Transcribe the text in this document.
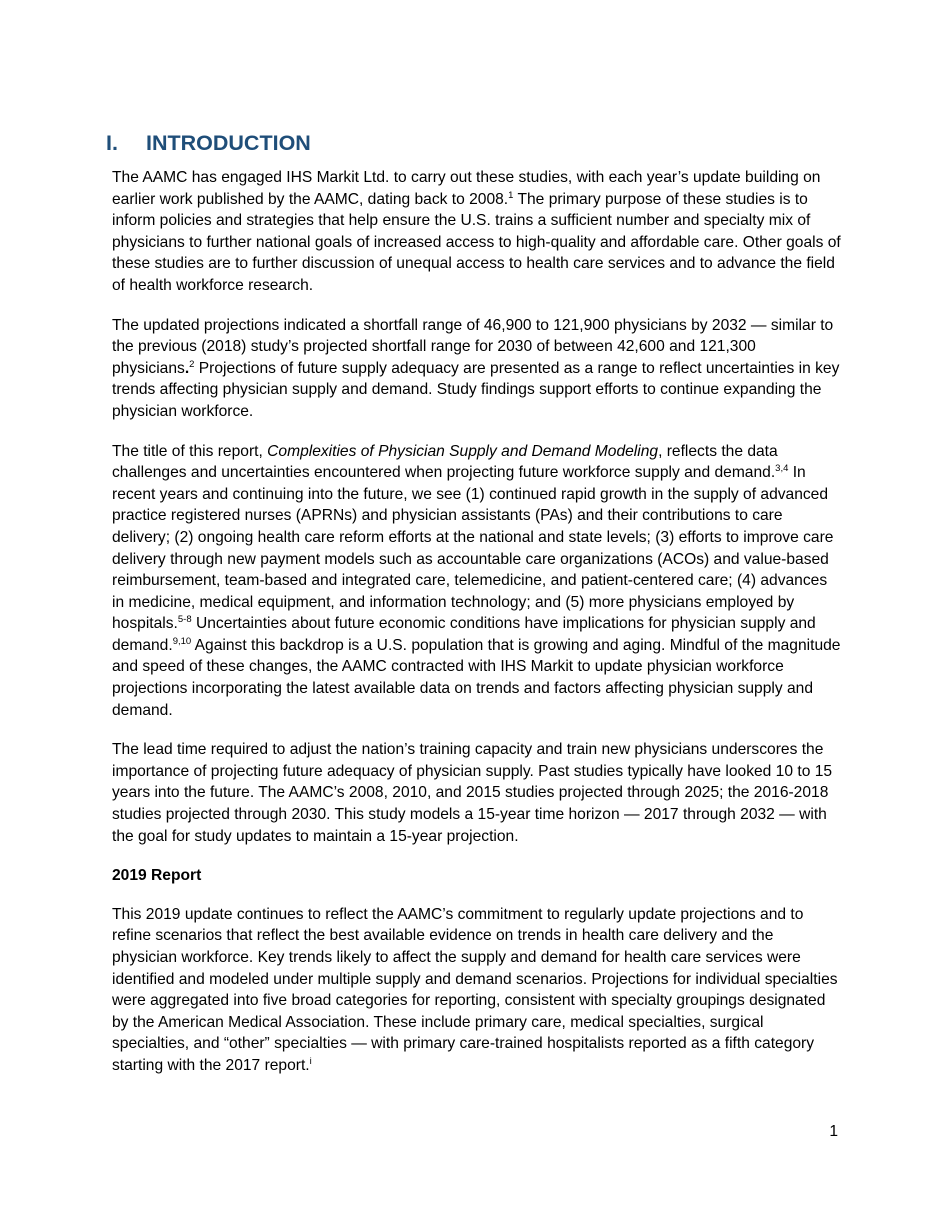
I. INTRODUCTION

The AAMC has engaged IHS Markit Ltd. to carry out these studies, with each year’s update building on earlier work published by the AAMC, dating back to 2008.$^1$ The primary purpose of these studies is to inform policies and strategies that help ensure the U.S. trains a sufficient number and specialty mix of physicians to further national goals of increased access to high-quality and affordable care. Other goals of these studies are to further discussion of unequal access to health care services and to advance the field of health workforce research.

The updated projections indicated a shortfall range of 46,900 to 121,900 physicians by 2032 — similar to the previous (2018) study’s projected shortfall range for 2030 of between 42,600 and 121,300 physicians.$^2$ Projections of future supply adequacy are presented as a range to reflect uncertainties in key trends affecting physician supply and demand. Study findings support efforts to continue expanding the physician workforce.

The title of this report, Complexities of Physician Supply and Demand Modeling, reflects the data challenges and uncertainties encountered when projecting future workforce supply and demand.$^{3,4}$ In recent years and continuing into the future, we see (1) continued rapid growth in the supply of advanced practice registered nurses (APRNs) and physician assistants (PAs) and their contributions to care delivery; (2) ongoing health care reform efforts at the national and state levels; (3) efforts to improve care delivery through new payment models such as accountable care organizations (ACOs) and value-based reimbursement, team-based and integrated care, telemedicine, and patient-centered care; (4) advances in medicine, medical equipment, and information technology; and (5) more physicians employed by hospitals.$^{5-8}$ Uncertainties about future economic conditions have implications for physician supply and demand.$^{9,10}$ Against this backdrop is a U.S. population that is growing and aging. Mindful of the magnitude and speed of these changes, the AAMC contracted with IHS Markit to update physician workforce projections incorporating the latest available data on trends and factors affecting physician supply and demand.

The lead time required to adjust the nation’s training capacity and train new physicians underscores the importance of projecting future adequacy of physician supply. Past studies typically have looked 10 to 15 years into the future. The AAMC’s 2008, 2010, and 2015 studies projected through 2025; the 2016-2018 studies projected through 2030. This study models a 15-year time horizon — 2017 through 2032 — with the goal for study updates to maintain a 15-year projection.

2019 Report

This 2019 update continues to reflect the AAMC’s commitment to regularly update projections and to refine scenarios that reflect the best available evidence on trends in health care delivery and the physician workforce. Key trends likely to affect the supply and demand for health care services were identified and modeled under multiple supply and demand scenarios. Projections for individual specialties were aggregated into five broad categories for reporting, consistent with specialty groupings designated by the American Medical Association. These include primary care, medical specialties, surgical specialties, and “other” specialties — with primary care-trained hospitalists reported as a fifth category starting with the 2017 report.$^i$

1
